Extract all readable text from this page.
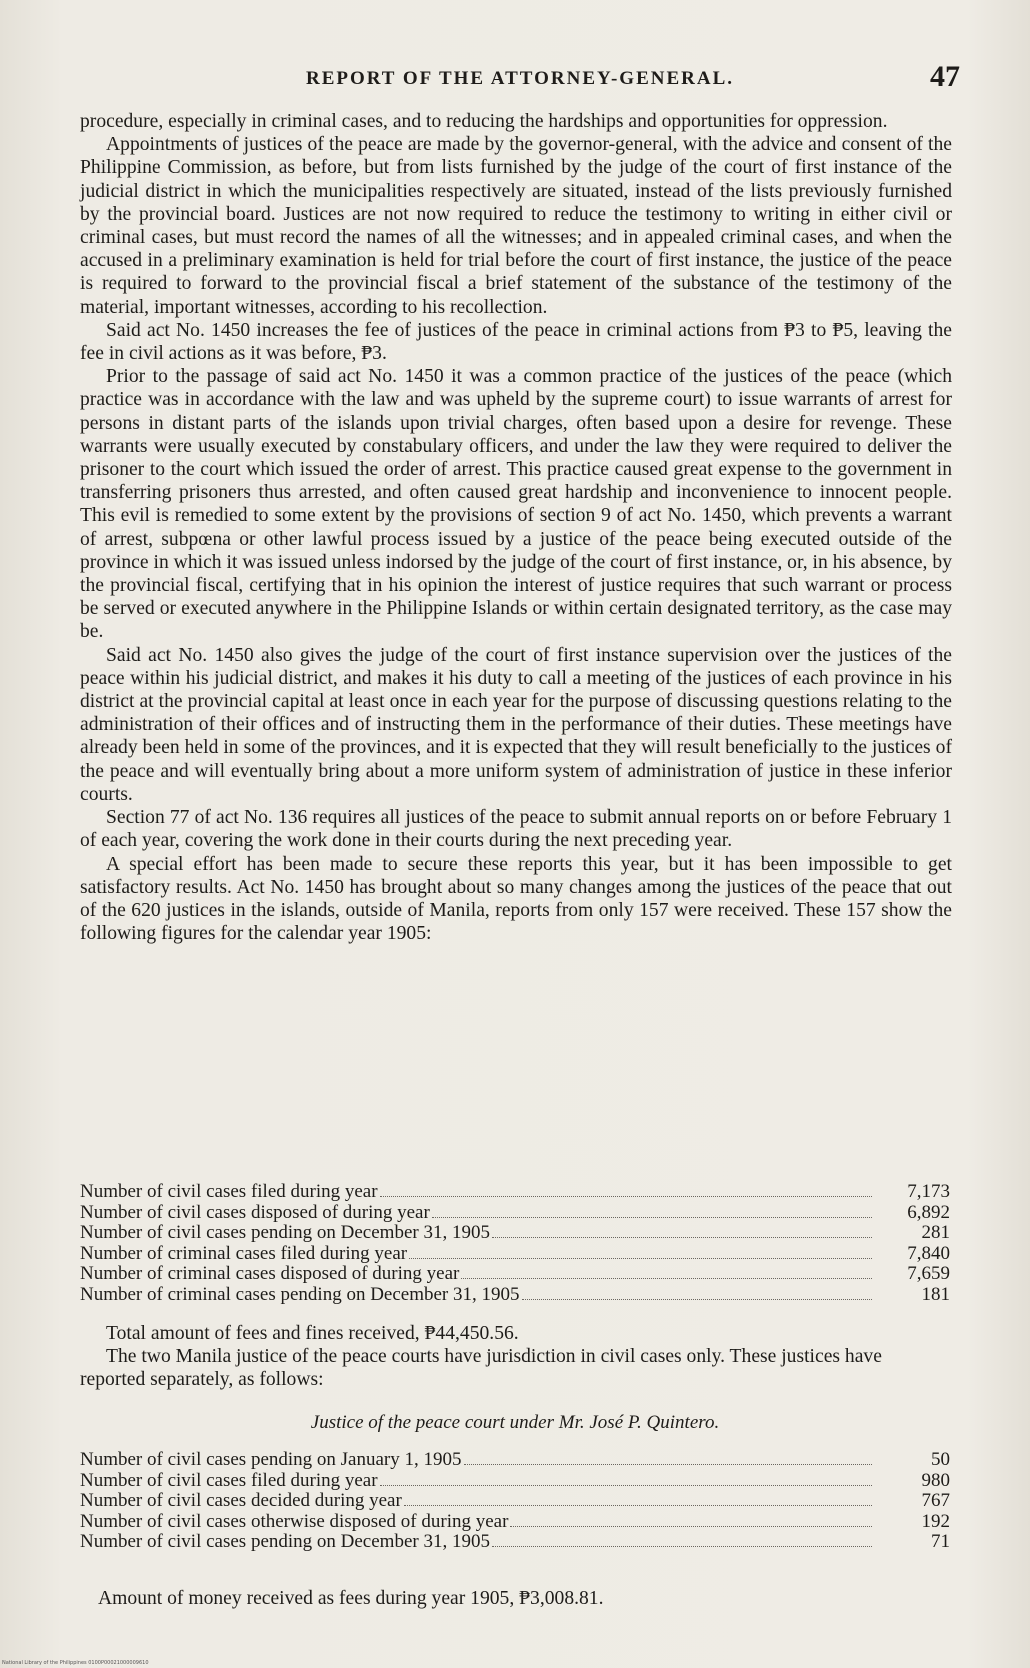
REPORT OF THE ATTORNEY-GENERAL.	47

procedure, especially in criminal cases, and to reducing the hardships and opportunities for oppression.

Appointments of justices of the peace are made by the governor-general, with the advice and consent of the Philippine Commission, as before, but from lists furnished by the judge of the court of first instance of the judicial district in which the municipalities respectively are situated, instead of the lists previously furnished by the provincial board. Justices are not now required to reduce the testimony to writing in either civil or criminal cases, but must record the names of all the witnesses; and in appealed criminal cases, and when the accused in a preliminary examination is held for trial before the court of first instance, the justice of the peace is required to forward to the provincial fiscal a brief statement of the substance of the testimony of the material, important witnesses, according to his recollection.

Said act No. 1450 increases the fee of justices of the peace in criminal actions from ₱3 to ₱5, leaving the fee in civil actions as it was before, ₱3.

Prior to the passage of said act No. 1450 it was a common practice of the justices of the peace (which practice was in accordance with the law and was upheld by the supreme court) to issue warrants of arrest for persons in distant parts of the islands upon trivial charges, often based upon a desire for revenge. These warrants were usually executed by constabulary officers, and under the law they were required to deliver the prisoner to the court which issued the order of arrest. This practice caused great expense to the government in transferring prisoners thus arrested, and often caused great hardship and inconvenience to innocent people. This evil is remedied to some extent by the provisions of section 9 of act No. 1450, which prevents a warrant of arrest, subpœna or other lawful process issued by a justice of the peace being executed outside of the province in which it was issued unless indorsed by the judge of the court of first instance, or, in his absence, by the provincial fiscal, certifying that in his opinion the interest of justice requires that such warrant or process be served or executed anywhere in the Philippine Islands or within certain designated territory, as the case may be.

Said act No. 1450 also gives the judge of the court of first instance supervision over the justices of the peace within his judicial district, and makes it his duty to call a meeting of the justices of each province in his district at the provincial capital at least once in each year for the purpose of discussing questions relating to the administration of their offices and of instructing them in the performance of their duties. These meetings have already been held in some of the provinces, and it is expected that they will result beneficially to the justices of the peace and will eventually bring about a more uniform system of administration of justice in these inferior courts.

Section 77 of act No. 136 requires all justices of the peace to submit annual reports on or before February 1 of each year, covering the work done in their courts during the next preceding year.

A special effort has been made to secure these reports this year, but it has been impossible to get satisfactory results. Act No. 1450 has brought about so many changes among the justices of the peace that out of the 620 justices in the islands, outside of Manila, reports from only 157 were received. These 157 show the following figures for the calendar year 1905:

Number of civil cases filed during year	7,173
Number of civil cases disposed of during year	6,892
Number of civil cases pending on December 31, 1905	281
Number of criminal cases filed during year	7,840
Number of criminal cases disposed of during year	7,659
Number of criminal cases pending on December 31, 1905	181

Total amount of fees and fines received, ₱44,450.56.

The two Manila justice of the peace courts have jurisdiction in civil cases only. These justices have reported separately, as follows:

Justice of the peace court under Mr. José P. Quintero.
Number of civil cases pending on January 1, 1905	50
Number of civil cases filed during year	980
Number of civil cases decided during year	767
Number of civil cases otherwise disposed of during year	192
Number of civil cases pending on December 31, 1905	71
Amount of money received as fees during year 1905, ₱3,008.81.
National Library of the Philippines 0100P00021000009610
